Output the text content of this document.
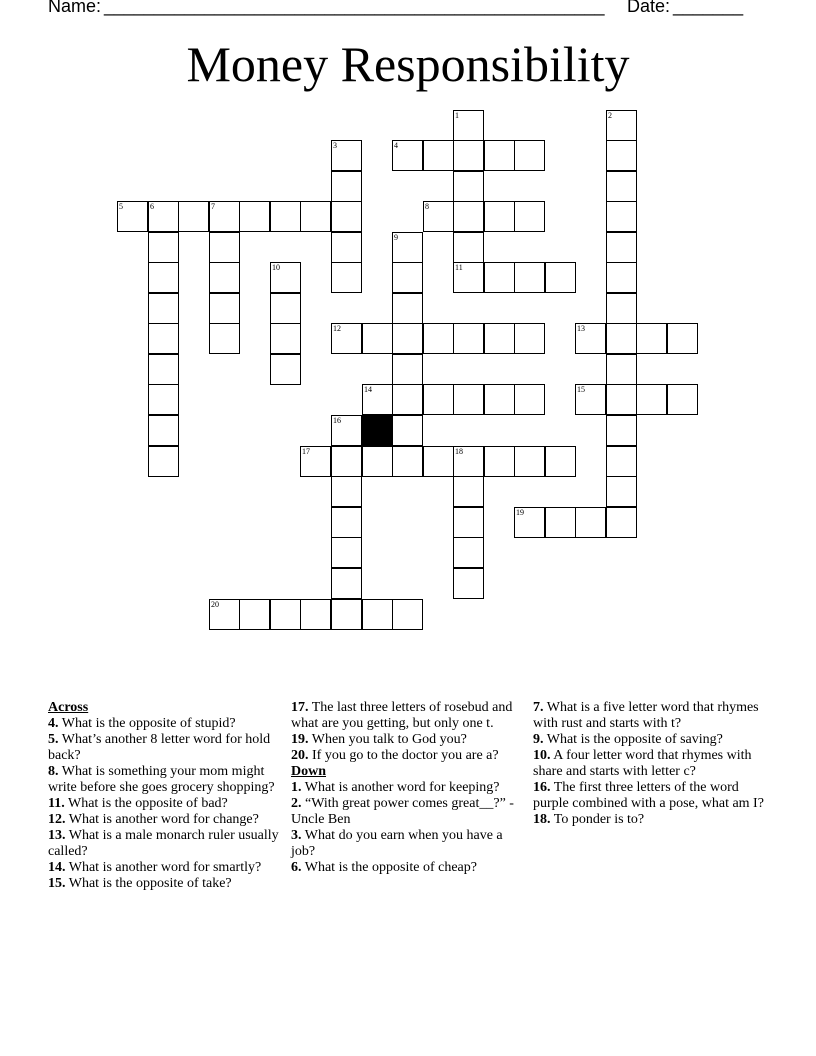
Name: __________________________________________________ Date: _______
Money Responsibility
1	2
3	4
5	6	7	8
9
10	11
12	13
14	15
16
17	18
19
20

Across

4. What is the opposite of stupid?

5. What’s another 8 letter word for hold back?

8. What is something your mom might write before she goes grocery shopping?

11. What is the opposite of bad?

12. What is another word for change?

13. What is a male monarch ruler usually called?

14. What is another word for smartly?

15. What is the opposite of take?

17. The last three letters of rosebud and what are you getting, but only one t.

19. When you talk to God you?

20. If you go to the doctor you are a?

Down

1. What is another word for keeping?

2. “With great power comes great__?” - Uncle Ben

3. What do you earn when you have a job?

6. What is the opposite of cheap?

7. What is a five letter word that rhymes with rust and starts with t?

9. What is the opposite of saving?

10. A four letter word that rhymes with share and starts with letter c?

16. The first three letters of the word purple combined with a pose, what am I?

18. To ponder is to?
